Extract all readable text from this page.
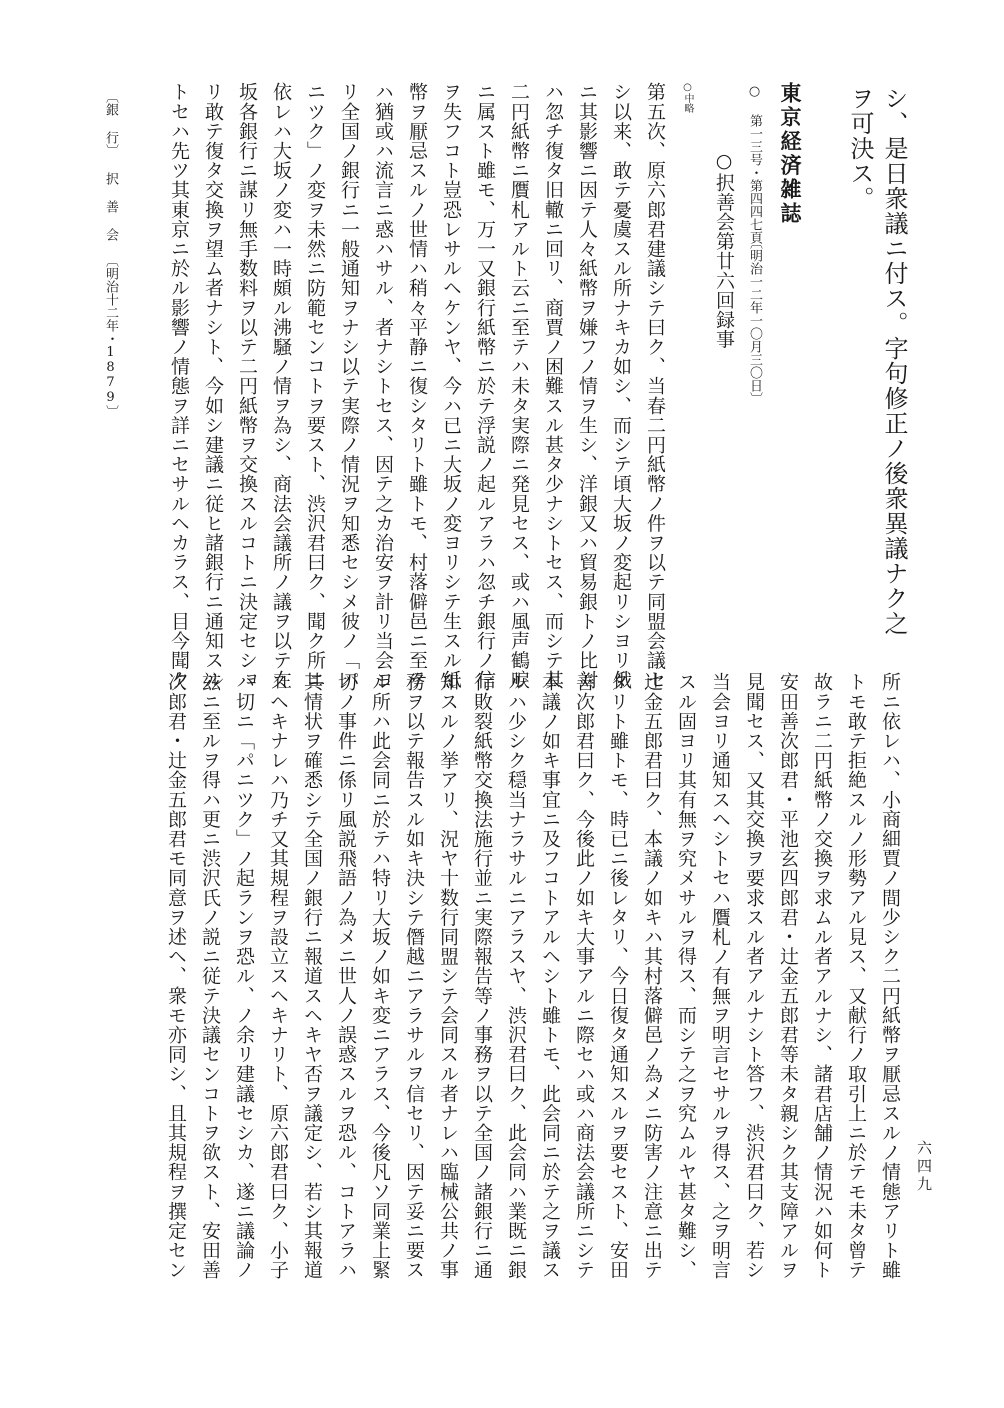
シ、是日衆議ニ付ス。字句修正ノ後衆異議ナク之
ヲ可決ス。
東京経済雑誌
○ 第一三号・第四四七頁
〔明治一二年一〇月三〇日〕
○択善会第廿六回録事
○中略
第五次、原六郎君建議シテ曰ク、当春二円紙幣ノ件ヲ以テ同盟会議セ
シ以来、敢テ憂虞スル所ナキカ如シ、而シテ頃大坂ノ変起リシヨリ俄
ニ其影響ニ因テ人々紙幣ヲ嫌フノ情ヲ生シ、洋銀又ハ貿易銀トノ比対
ハ忽チ復タ旧轍ニ回リ、商賈ノ困難スル甚タ少ナシトセス、而シテ其
二円紙幣ニ贋札アルト云ニ至テハ未タ実際ニ発見セス、或ハ風声鶴唳
ニ属スト雖モ、万一又銀行紙幣ニ於テ浮説ノ起ルアラハ忽チ銀行ノ信
ヲ失フコト豈恐レサルヘケンヤ、今ハ已ニ大坂ノ変ヨリシテ生スル紙
幣ヲ厭忌スルノ世情ハ稍々平静ニ復シタリト雖トモ、村落僻邑ニ至テ
ハ猶或ハ流言ニ惑ハサル、者ナシトセス、因テ之カ治安ヲ計リ当会ヨ
リ全国ノ銀行ニ一般通知ヲナシ以テ実際ノ情況ヲ知悉セシメ彼ノ「パ
ニツク」ノ変ヲ未然ニ防範センコトヲ要スト、渋沢君曰ク、聞ク所ニ
依レハ大坂ノ変ハ一時頗ル沸騒ノ情ヲ為シ、商法会議所ノ議ヲ以テ在
坂各銀行ニ謀リ無手数料ヲ以テ二円紙幣ヲ交換スルコトニ決定セショ
リ敢テ復タ交換ヲ望ム者ナシト、今如シ建議ニ従ヒ諸銀行ニ通知スル
トセハ先ツ其東京ニ於ル影響ノ情態ヲ詳ニセサルヘカラス、目今聞ク
〔銀 行〕
択 善 会
〔明治十二年・1879〕
所ニ依レハ、小商細賈ノ間少シク二円紙幣ヲ厭忌スルノ情態アリト雖
トモ敢テ拒絶スルノ形勢アル見ス、又献行ノ取引上ニ於テモ未タ曾テ
故ラニ二円紙幣ノ交換ヲ求ムル者アルナシ、諸君店舗ノ情況ハ如何ト
安田善次郎君・平池玄四郎君・辻金五郎君等未タ親シク其支障アルヲ
見聞セス、又其交換ヲ要求スル者アルナシト答フ、渋沢君曰ク、若シ
当会ヨリ通知スヘシトセハ贋札ノ有無ヲ明言セサルヲ得ス、之ヲ明言
スル固ヨリ其有無ヲ究メサルヲ得ス、而シテ之ヲ究ムルヤ甚タ難シ、
辻金五郎君曰ク、本議ノ如キハ其村落僻邑ノ為メニ防害ノ注意ニ出テ
タリト雖トモ、時已ニ後レタリ、今日復タ通知スルヲ要セスト、安田
善次郎君曰ク、今後此ノ如キ大事アルニ際セハ或ハ商法会議所ニシテ
本議ノ如キ事宜ニ及フコトアルヘシト雖トモ、此会同ニ於テ之ヲ議ス
ルハ少シク穏当ナラサルニアラスヤ、渋沢君曰ク、此会同ハ業既ニ銀
行敗裂紙幣交換法施行並ニ実際報告等ノ事務ヲ以テ全国ノ諸銀行ニ通
知スルノ挙アリ、況ヤ十数行同盟シテ会同スル者ナレハ臨械公共ノ事
務ヲ以テ報告スル如キ決シテ僭越ニアラサルヲ信セリ、因テ妥ニ要ス
ル所ハ此会同ニ於テハ特リ大坂ノ如キ変ニアラス、今後凡ソ同業上緊
切ノ事件ニ係リ風説飛語ノ為メニ世人ノ誤惑スルヲ恐ル、コトアラハ
其情状ヲ確悉シテ全国ノ銀行ニ報道スヘキヤ否ヲ議定シ、若シ其報道
スヘキナレハ乃チ又其規程ヲ設立スヘキナリト、原六郎君曰ク、小子
ハ切ニ「パニツク」ノ起ランヲ恐ル、ノ余リ建議セシカ、遂ニ議論ノ
玆ニ至ルヲ得ハ更ニ渋沢氏ノ説ニ従テ決議センコトヲ欲スト、安田善
次郎君・辻金五郎君モ同意ヲ述ヘ、衆モ亦同シ、且其規程ヲ撰定セン	六四九
